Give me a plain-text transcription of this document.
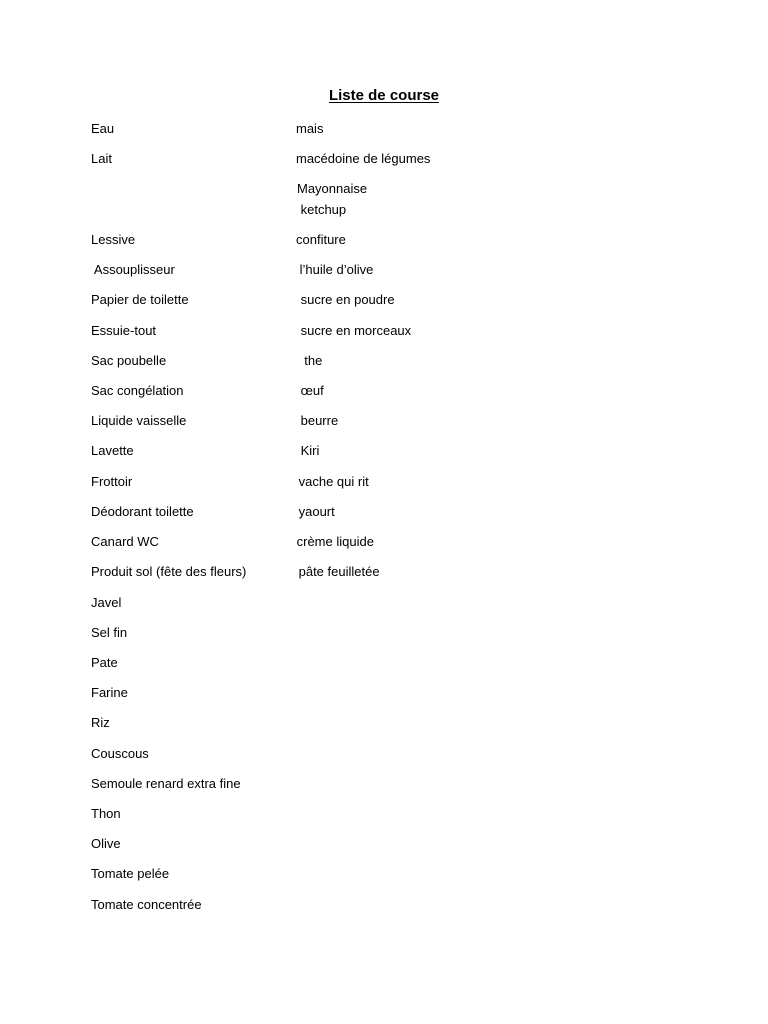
Liste de course
Eau
Lait
Lessive
Assouplisseur
Papier de toilette
Essuie-tout
Sac poubelle
Sac congélation
Liquide vaisselle
Lavette
Frottoir
Déodorant toilette
Canard WC
Produit sol (fête des fleurs)
Javel
Sel fin
Pate
Farine
Riz
Couscous
Semoule renard extra fine
Thon
Olive
Tomate pelée
Tomate concentrée
mais
macédoine de légumes
Mayonnaise
ketchup
confiture
l’huile d’olive
sucre en poudre
sucre en morceaux
the
œuf
beurre
Kiri
vache qui rit
yaourt
crème liquide
pâte feuilletée
